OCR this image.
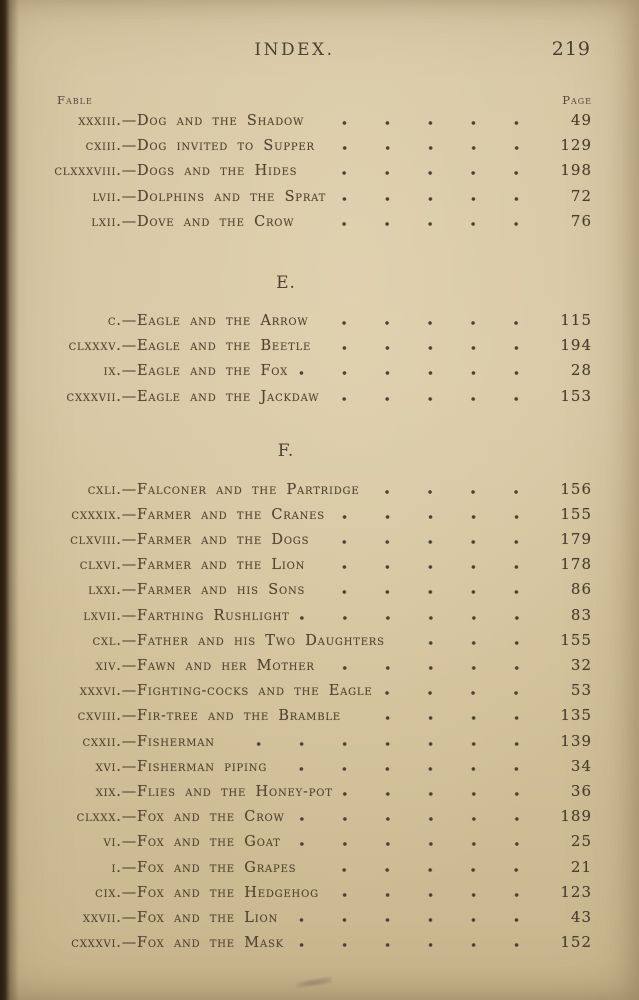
INDEX.	219
Fable	Page
xxxiii.— Dog and the Shadow	49
cxiii.— Dog invited to Supper	129
clxxxviii.— Dogs and the Hides	198
lvii.— Dolphins and the Sprat	72
lxii.— Dove and the Crow	76
E.
c.— Eagle and the Arrow	115
clxxxv.— Eagle and the Beetle	194
ix.— Eagle and the Fox	28
cxxxvii.— Eagle and the Jackdaw	153
F.
cxli.— Falconer and the Partridge	156
cxxxix.— Farmer and the Cranes	155
clxviii.— Farmer and the Dogs	179
clxvi.— Farmer and the Lion	178
lxxi.— Farmer and his Sons	86
lxvii.— Farthing Rushlight	83
cxl.— Father and his Two Daughters	155
xiv.— Fawn and her Mother	32
xxxvi.— Fighting-cocks and the Eagle	53
cxviii.— Fir-tree and the Bramble	135
cxxii.— Fisherman	139
xvi.— Fisherman piping	34
xix.— Flies and the Honey-pot	36
clxxx.— Fox and the Crow	189
vi.— Fox and the Goat	25
i.— Fox and the Grapes	21
cix.— Fox and the Hedgehog	123
xxvii.— Fox and the Lion	43
cxxxvi.— Fox and the Mask	152
